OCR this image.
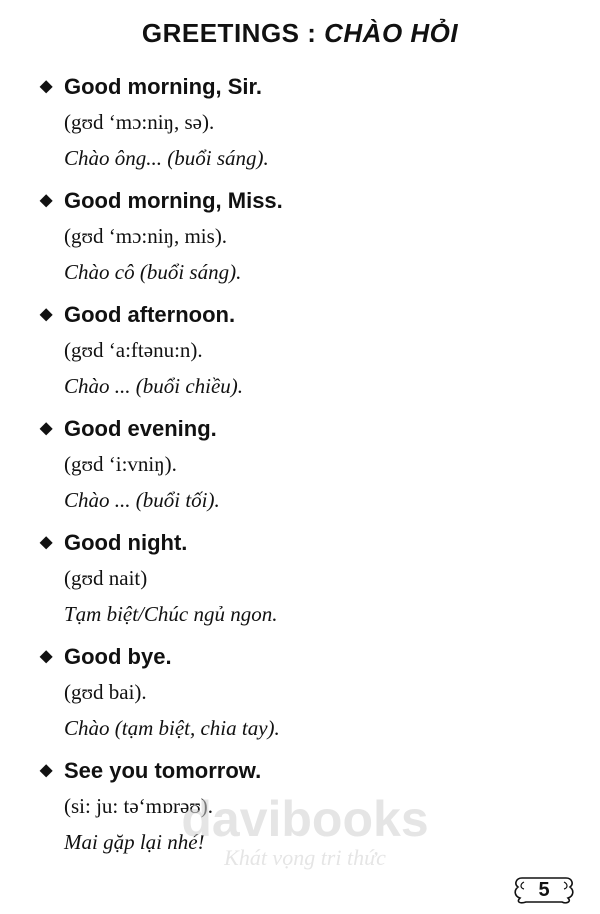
GREETINGS : CHÀO HỎI
◆ Good morning, Sir.
(gʊd ‘mɔ:niŋ, sə).
Chào ông... (buổi sáng).
◆ Good morning, Miss.
(gʊd ‘mɔ:niŋ, mis).
Chào cô (buổi sáng).
◆ Good afternoon.
(gʊd ‘a:ftənu:n).
Chào ... (buổi chiều).
◆ Good evening.
(gʊd ‘i:vniŋ).
Chào ... (buổi tối).
◆ Good night.
(gʊd nait)
Tạm biệt/Chúc ngủ ngon.
◆ Good bye.
(gʊd bai).
Chào (tạm biệt, chia tay).
◆ See you tomorrow.
(si: ju: tə‘mɒrəʊ).
Mai gặp lại nhé!
davibooks
Khát vọng tri thức
5
